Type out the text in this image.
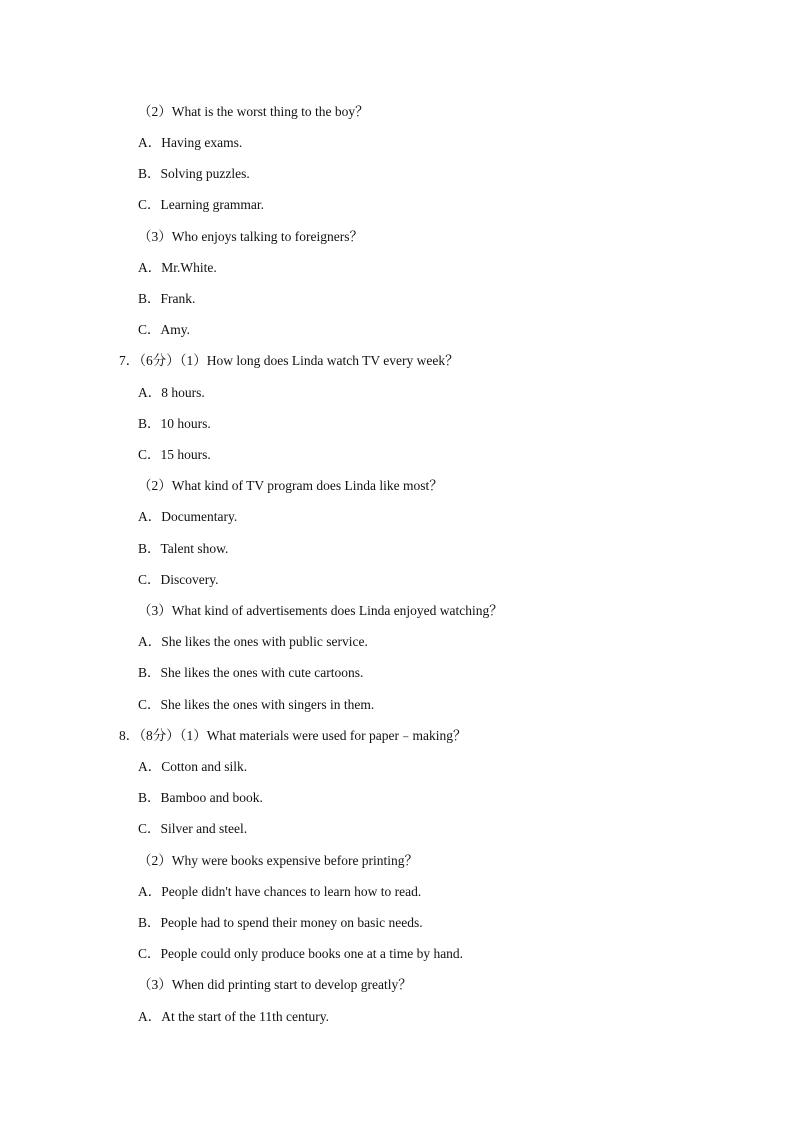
（2）What is the worst thing to the boy？
A．Having exams.
B．Solving puzzles.
C．Learning grammar.
（3）Who enjoys talking to foreigners？
A．Mr.White.
B．Frank.
C．Amy.
7．（6分）（1）How long does Linda watch TV every week？
A．8 hours.
B．10 hours.
C．15 hours.
（2）What kind of TV program does Linda like most？
A．Documentary.
B．Talent show.
C．Discovery.
（3）What kind of advertisements does Linda enjoyed watching？
A．She likes the ones with public service.
B．She likes the ones with cute cartoons.
C．She likes the ones with singers in them.
8．（8分）（1）What materials were used for paper﹣making？
A．Cotton and silk.
B．Bamboo and book.
C．Silver and steel.
（2）Why were books expensive before printing？
A．People didn't have chances to learn how to read.
B．People had to spend their money on basic needs.
C．People could only produce books one at a time by hand.
（3）When did printing start to develop greatly？
A．At the start of the 11th century.
